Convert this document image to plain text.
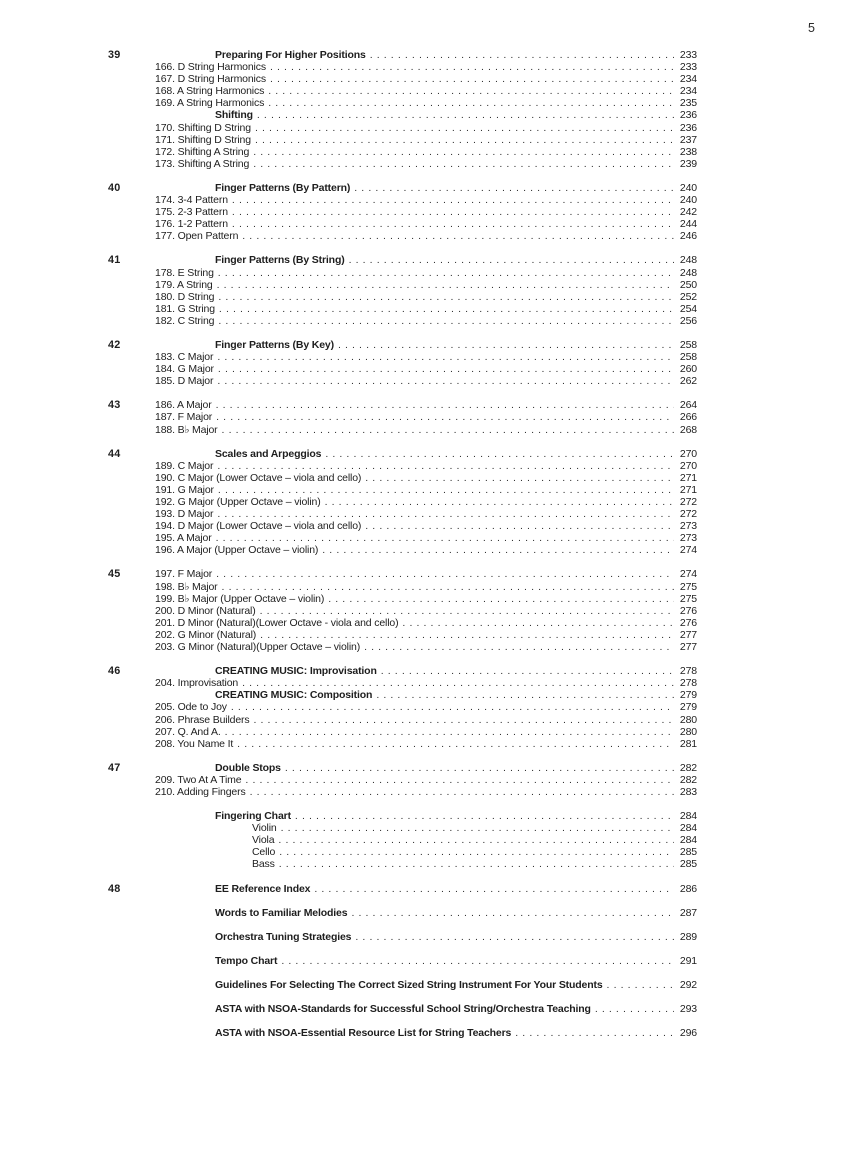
5
39	Preparing For Higher Positions . . .	233
166. D String Harmonics . . .	233
167. D String Harmonics . . .	234
168. A String Harmonics . . .	234
169. A String Harmonics . . .	235
Shifting . . .	236
170. Shifting D String . . .	236
171. Shifting D String . . .	237
172. Shifting A String . . .	238
173. Shifting A String . . .	239
40	Finger Patterns (By Pattern) . . .	240
174. 3-4 Pattern . . .	240
175. 2-3 Pattern . . .	242
176. 1-2 Pattern . . .	244
177. Open Pattern . . .	246
41	Finger Patterns (By String) . . .	248
178. E String . . .	248
179. A String . . .	250
180. D String . . .	252
181. G String . . .	254
182. C String . . .	256
42	Finger Patterns (By Key) . . .	258
183. C Major . . .	258
184. G Major . . .	260
185. D Major . . .	262
43	186. A Major . . .	264
187. F Major . . .	266
188. B♭ Major . . .	268
44	Scales and Arpeggios . . .	270
189. C Major . . .	270
190. C Major (Lower Octave – viola and cello) . . .	271
191. G Major . . .	271
192. G Major (Upper Octave – violin) . . .	272
193. D Major . . .	272
194. D Major (Lower Octave – viola and cello) . . .	273
195. A Major . . .	273
196. A Major (Upper Octave – violin) . . .	274
45	197. F Major . . .	274
198. B♭ Major . . .	275
199. B♭ Major (Upper Octave – violin) . . .	275
200. D Minor (Natural) . . .	276
201. D Minor (Natural)(Lower Octave - viola and cello) . . .	276
202. G Minor (Natural) . . .	277
203. G Minor (Natural)(Upper Octave – violin) . . .	277
46	CREATING MUSIC: Improvisation . . .	278
204. Improvisation . . .	278
CREATING MUSIC: Composition . . .	279
205. Ode to Joy . . .	279
206. Phrase Builders . . .	280
207. Q. And A. . . .	280
208. You Name It . . .	281
47	Double Stops . . .	282
209. Two At A Time . . .	282
210. Adding Fingers . . .	283
Fingering Chart . . .	284
Violin . . .	284
Viola . . .	284
Cello . . .	285
Bass . . .	285
48	EE Reference Index . . .	286
Words to Familiar Melodies . . .	287
Orchestra Tuning Strategies . . .	289
Tempo Chart . . .	291
Guidelines For Selecting The Correct Sized String Instrument For Your Students . . .	292
ASTA with NSOA-Standards for Successful School String/Orchestra Teaching . . .	293
ASTA with NSOA-Essential Resource List for String Teachers . . .	296
